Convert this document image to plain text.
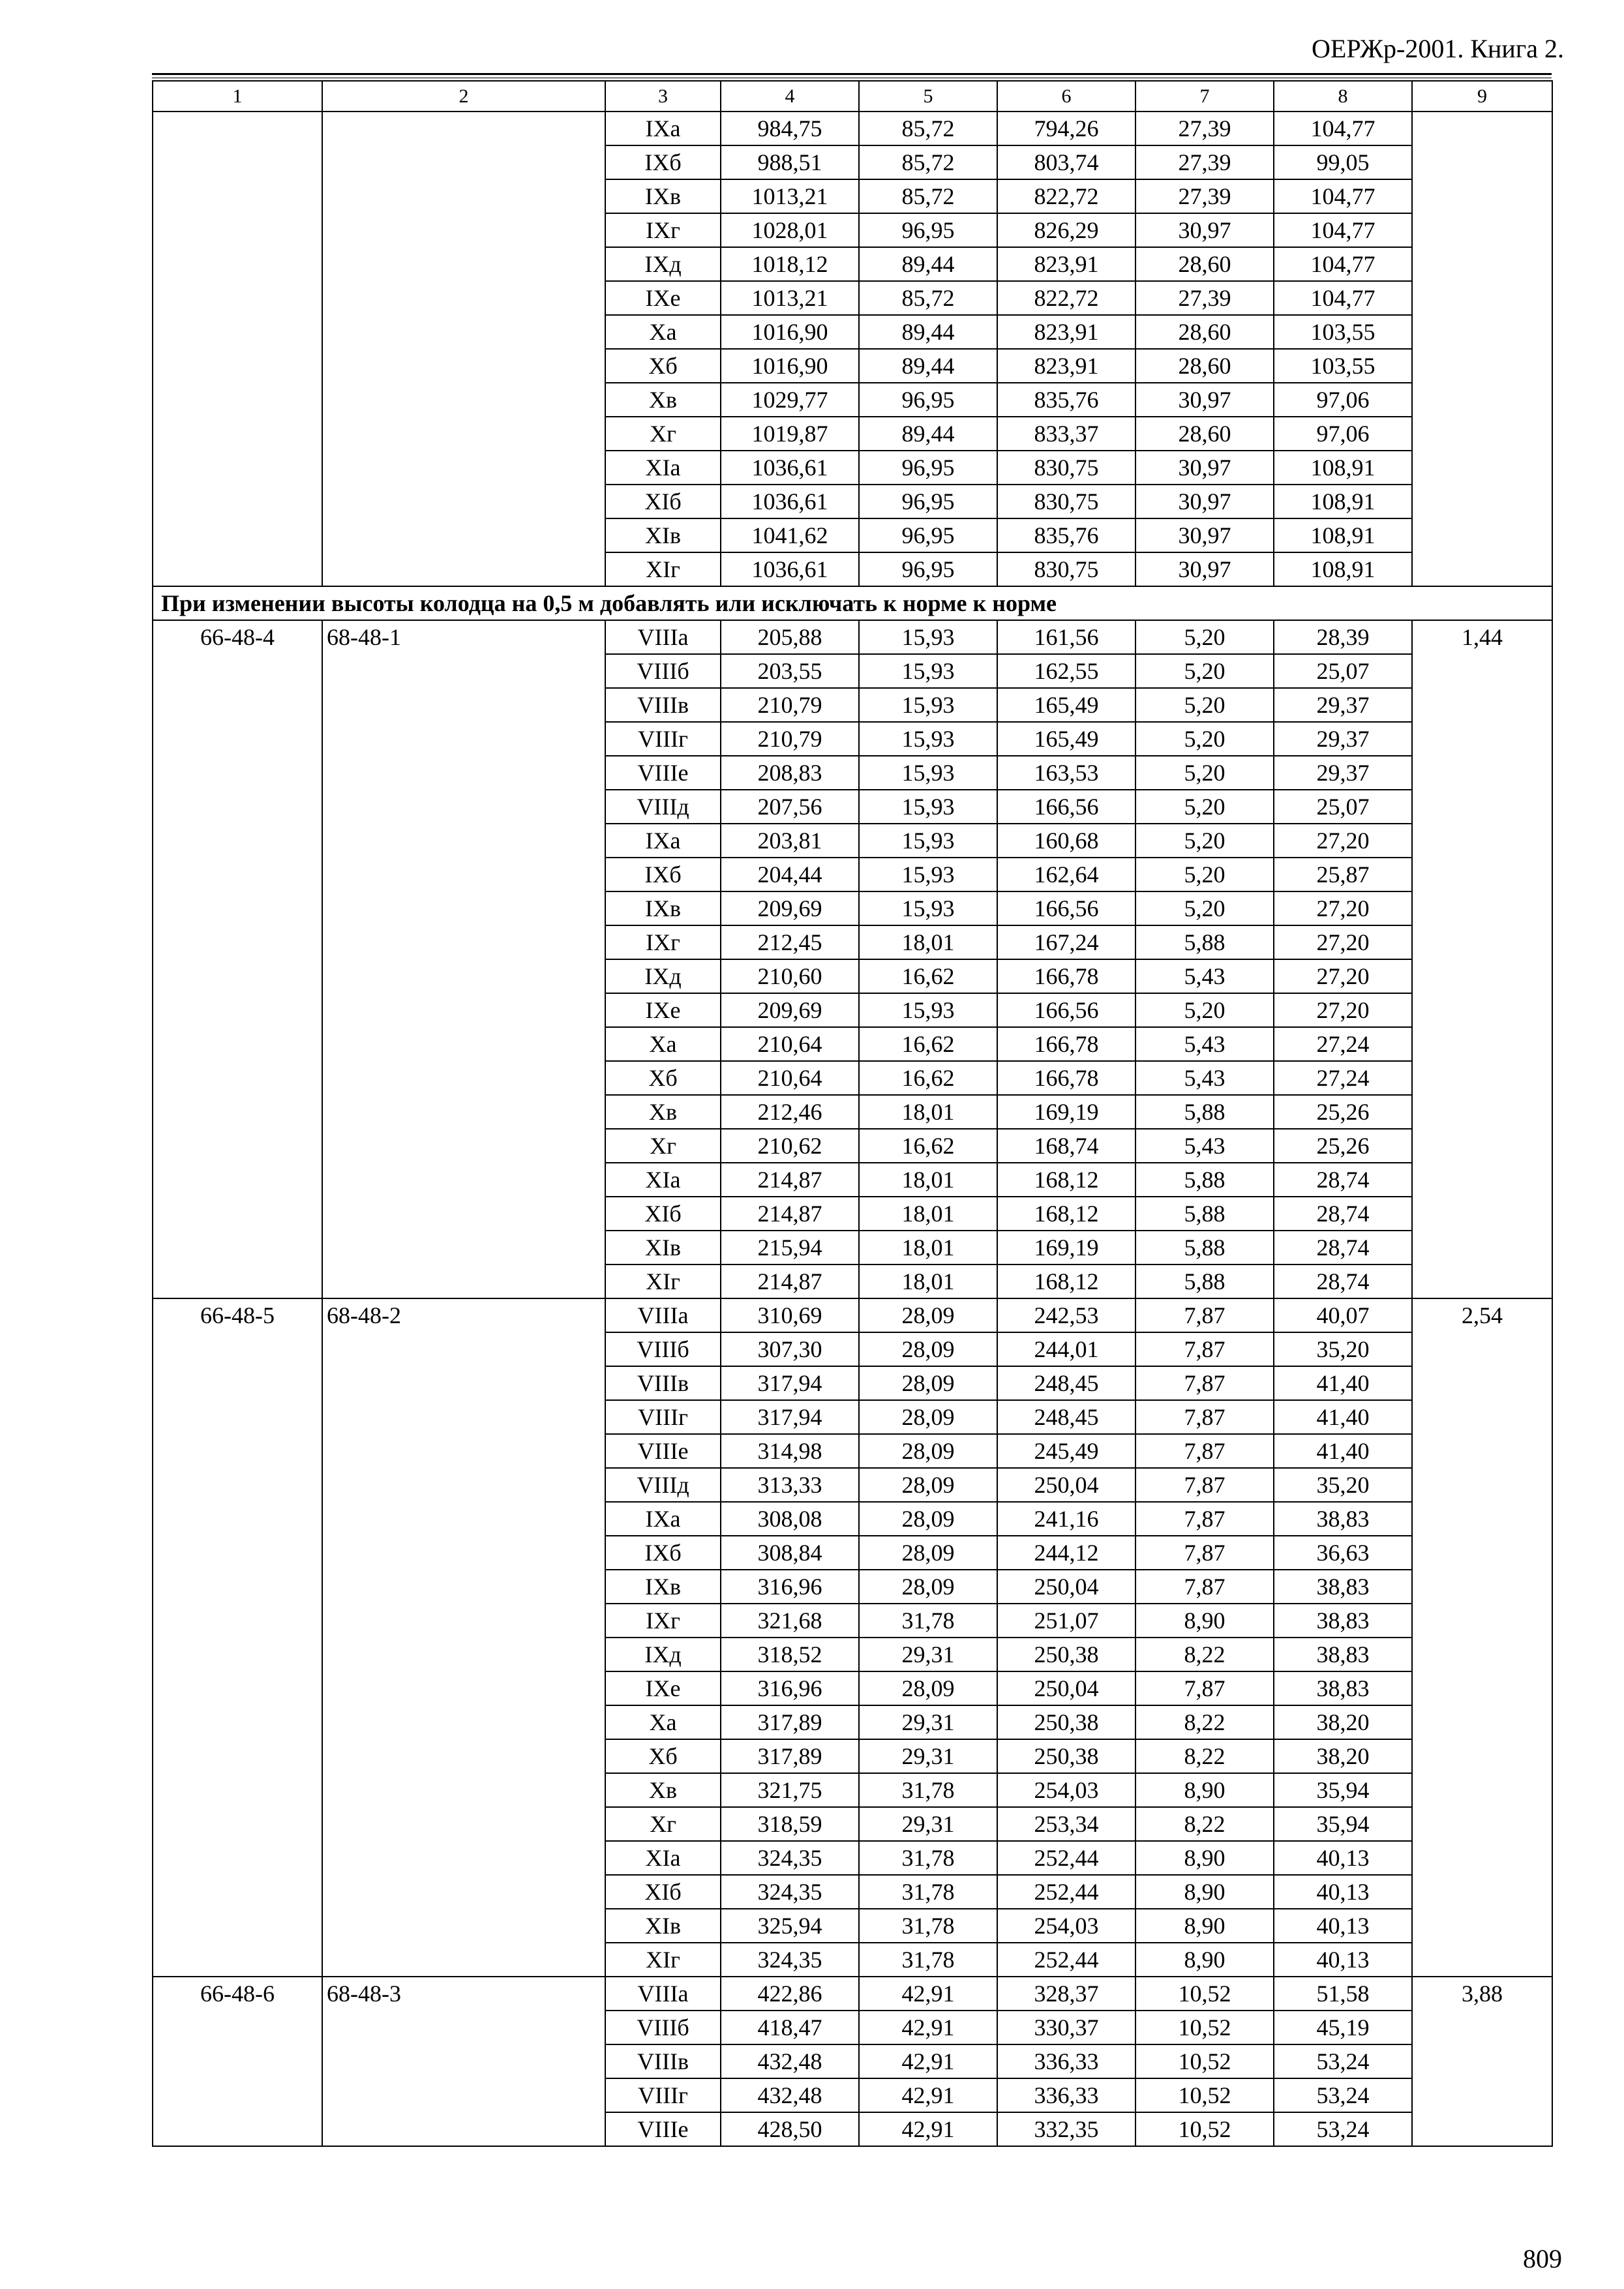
ОЕРЖр-2001. Книга 2.
1	2	3	4	5	6	7	8	9
		IXа	984,75	85,72	794,26	27,39	104,77	
		IXб	988,51	85,72	803,74	27,39	99,05	
		IXв	1013,21	85,72	822,72	27,39	104,77	
		IXг	1028,01	96,95	826,29	30,97	104,77	
		IXд	1018,12	89,44	823,91	28,60	104,77	
		IXе	1013,21	85,72	822,72	27,39	104,77	
		Xа	1016,90	89,44	823,91	28,60	103,55	
		Xб	1016,90	89,44	823,91	28,60	103,55	
		Xв	1029,77	96,95	835,76	30,97	97,06	
		Xг	1019,87	89,44	833,37	28,60	97,06	
		XIа	1036,61	96,95	830,75	30,97	108,91	
		XIб	1036,61	96,95	830,75	30,97	108,91	
		XIв	1041,62	96,95	835,76	30,97	108,91	
		XIг	1036,61	96,95	830,75	30,97	108,91	
При изменении высоты колодца на 0,5 м добавлять или исключать к норме к норме								
66-48-4	68-48-1	VIIIа	205,88	15,93	161,56	5,20	28,39	1,44
		VIIIб	203,55	15,93	162,55	5,20	25,07	
		VIIIв	210,79	15,93	165,49	5,20	29,37	
		VIIIг	210,79	15,93	165,49	5,20	29,37	
		VIIIе	208,83	15,93	163,53	5,20	29,37	
		VIIIд	207,56	15,93	166,56	5,20	25,07	
		IXа	203,81	15,93	160,68	5,20	27,20	
		IXб	204,44	15,93	162,64	5,20	25,87	
		IXв	209,69	15,93	166,56	5,20	27,20	
		IXг	212,45	18,01	167,24	5,88	27,20	
		IXд	210,60	16,62	166,78	5,43	27,20	
		IXе	209,69	15,93	166,56	5,20	27,20	
		Xа	210,64	16,62	166,78	5,43	27,24	
		Xб	210,64	16,62	166,78	5,43	27,24	
		Xв	212,46	18,01	169,19	5,88	25,26	
		Xг	210,62	16,62	168,74	5,43	25,26	
		XIа	214,87	18,01	168,12	5,88	28,74	
		XIб	214,87	18,01	168,12	5,88	28,74	
		XIв	215,94	18,01	169,19	5,88	28,74	
		XIг	214,87	18,01	168,12	5,88	28,74	
66-48-5	68-48-2	VIIIа	310,69	28,09	242,53	7,87	40,07	2,54
		VIIIб	307,30	28,09	244,01	7,87	35,20	
		VIIIв	317,94	28,09	248,45	7,87	41,40	
		VIIIг	317,94	28,09	248,45	7,87	41,40	
		VIIIе	314,98	28,09	245,49	7,87	41,40	
		VIIIд	313,33	28,09	250,04	7,87	35,20	
		IXа	308,08	28,09	241,16	7,87	38,83	
		IXб	308,84	28,09	244,12	7,87	36,63	
		IXв	316,96	28,09	250,04	7,87	38,83	
		IXг	321,68	31,78	251,07	8,90	38,83	
		IXд	318,52	29,31	250,38	8,22	38,83	
		IXе	316,96	28,09	250,04	7,87	38,83	
		Xа	317,89	29,31	250,38	8,22	38,20	
		Xб	317,89	29,31	250,38	8,22	38,20	
		Xв	321,75	31,78	254,03	8,90	35,94	
		Xг	318,59	29,31	253,34	8,22	35,94	
		XIа	324,35	31,78	252,44	8,90	40,13	
		XIб	324,35	31,78	252,44	8,90	40,13	
		XIв	325,94	31,78	254,03	8,90	40,13	
		XIг	324,35	31,78	252,44	8,90	40,13	
66-48-6	68-48-3	VIIIа	422,86	42,91	328,37	10,52	51,58	3,88
		VIIIб	418,47	42,91	330,37	10,52	45,19	
		VIIIв	432,48	42,91	336,33	10,52	53,24	
		VIIIг	432,48	42,91	336,33	10,52	53,24	
		VIIIе	428,50	42,91	332,35	10,52	53,24	
809
